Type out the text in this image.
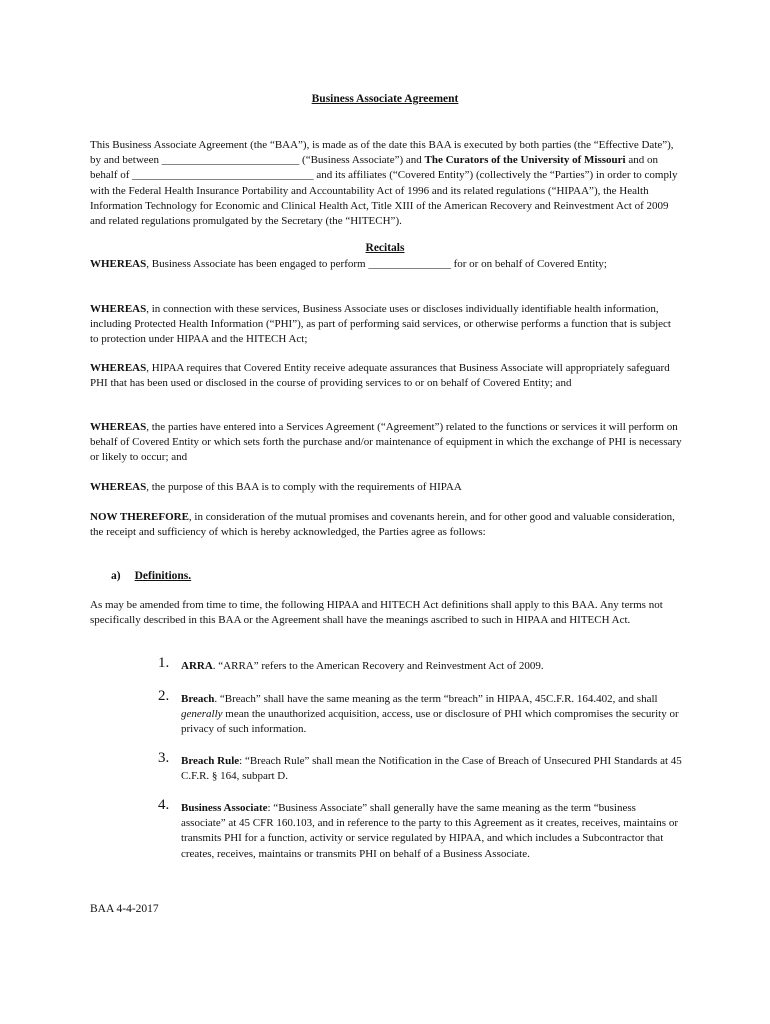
Business Associate Agreement

This Business Associate Agreement (the “BAA”), is made as of the date this BAA is executed by both parties (the “Effective Date”), by and between _________________________ (“Business Associate”) and The Curators of the University of Missouri and on behalf of _________________________________ and its affiliates (“Covered Entity”) (collectively the “Parties”) in order to comply with the Federal Health Insurance Portability and Accountability Act of 1996 and its related regulations (“HIPAA”), the Health Information Technology for Economic and Clinical Health Act, Title XIII of the American Recovery and Reinvestment Act of 2009 and related regulations promulgated by the Secretary (the “HITECH”).

Recitals

WHEREAS, Business Associate has been engaged to perform _______________ for or on behalf of Covered Entity;

WHEREAS, in connection with these services, Business Associate uses or discloses individually identifiable health information, including Protected Health Information (“PHI”), as part of performing said services, or otherwise performs a function that is subject to protection under HIPAA and the HITECH Act;

WHEREAS, HIPAA requires that Covered Entity receive adequate assurances that Business Associate will appropriately safeguard PHI that has been used or disclosed in the course of providing services to or on behalf of Covered Entity; and

WHEREAS, the parties have entered into a Services Agreement (“Agreement”) related to the functions or services it will perform on behalf of Covered Entity or which sets forth the purchase and/or maintenance of equipment in which the exchange of PHI is necessary or likely to occur; and

WHEREAS, the purpose of this BAA is to comply with the requirements of HIPAA

NOW THEREFORE, in consideration of the mutual promises and covenants herein, and for other good and valuable consideration, the receipt and sufficiency of which is hereby acknowledged, the Parties agree as follows:

a) Definitions.

As may be amended from time to time, the following HIPAA and HITECH Act definitions shall apply to this BAA. Any terms not specifically described in this BAA or the Agreement shall have the meanings ascribed to such in HIPAA and HITECH Act.

1. ARRA. “ARRA” refers to the American Recovery and Reinvestment Act of 2009.

2. Breach. “Breach” shall have the same meaning as the term “breach” in HIPAA, 45C.F.R. 164.402, and shall generally mean the unauthorized acquisition, access, use or disclosure of PHI which compromises the security or privacy of such information.

3. Breach Rule: “Breach Rule” shall mean the Notification in the Case of Breach of Unsecured PHI Standards at 45 C.F.R. § 164, subpart D.

4. Business Associate: “Business Associate” shall generally have the same meaning as the term “business associate” at 45 CFR 160.103, and in reference to the party to this Agreement as it creates, receives, maintains or transmits PHI for a function, activity or service regulated by HIPAA, and which includes a Subcontractor that creates, receives, maintains or transmits PHI on behalf of a Business Associate.

BAA 4-4-2017
